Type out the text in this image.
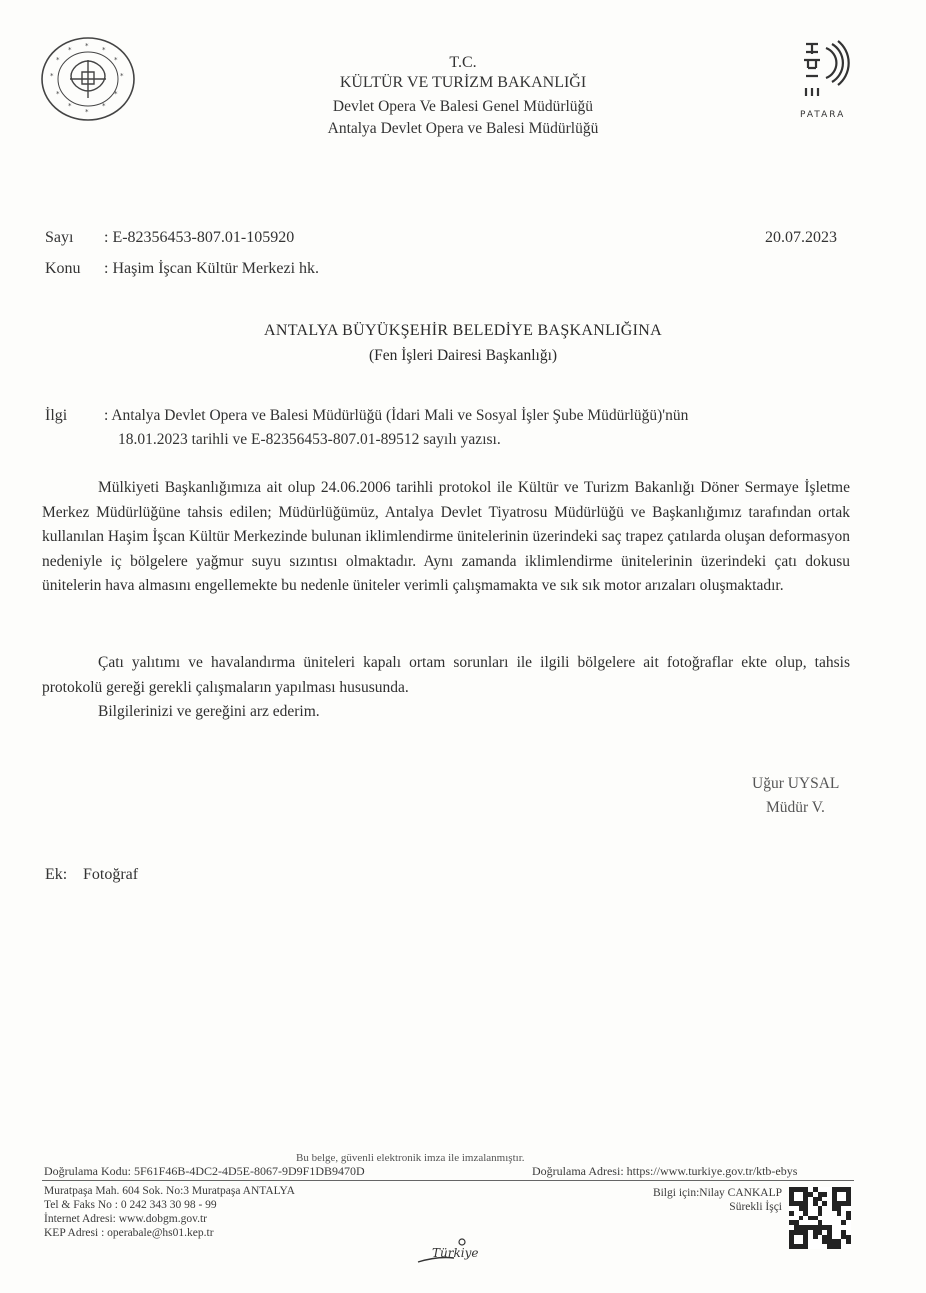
* *
*
*
*
*
*
*
*
*
*
*
T.C.
KÜLTÜR VE TURİZM BAKANLIĞI
Devlet Opera Ve Balesi Genel Müdürlüğü
Antalya Devlet Opera ve Balesi Müdürlüğü
PATARA
Sayı : E-82356453-807.01-105920	20.07.2023
Konu : Haşim İşcan Kültür Merkezi hk.
ANTALYA BÜYÜKŞEHİR BELEDİYE BAŞKANLIĞINA
(Fen İşleri Dairesi Başkanlığı)
İlgi : Antalya Devlet Opera ve Balesi Müdürlüğü (İdari Mali ve Sosyal İşler Şube Müdürlüğü)'nün
18.01.2023 tarihli ve E-82356453-807.01-89512 sayılı yazısı.
Mülkiyeti Başkanlığımıza ait olup 24.06.2006 tarihli protokol ile Kültür ve Turizm Bakanlığı Döner Sermaye İşletme Merkez Müdürlüğüne tahsis edilen; Müdürlüğümüz, Antalya Devlet Tiyatrosu Müdürlüğü ve Başkanlığımız tarafından ortak kullanılan Haşim İşcan Kültür Merkezinde bulunan iklimlendirme ünitelerinin üzerindeki saç trapez çatılarda oluşan deformasyon nedeniyle iç bölgelere yağmur suyu sızıntısı olmaktadır. Aynı zamanda iklimlendirme ünitelerinin üzerindeki çatı dokusu ünitelerin hava almasını engellemekte bu nedenle üniteler verimli çalışmamakta ve sık sık motor arızaları oluşmaktadır.
Çatı yalıtımı ve havalandırma üniteleri kapalı ortam sorunları ile ilgili bölgelere ait fotoğraflar ekte olup, tahsis protokolü gereği gerekli çalışmaların yapılması hususunda.
Bilgilerinizi ve gereğini arz ederim.
Uğur UYSAL
Müdür V.
Ek: Fotoğraf
Bu belge, güvenli elektronik imza ile imzalanmıştır.
Doğrulama Kodu: 5F61F46B-4DC2-4D5E-8067-9D9F1DB9470D	Doğrulama Adresi: https://www.turkiye.gov.tr/ktb-ebys
Muratpaşa Mah. 604 Sok. No:3 Muratpaşa ANTALYA
Tel & Faks No : 0 242 343 30 98 - 99
İnternet Adresi: www.dobgm.gov.tr
KEP Adresi : operabale@hs01.kep.tr
Bilgi için:Nilay CANKALP
Sürekli İşçi
Türkiye
